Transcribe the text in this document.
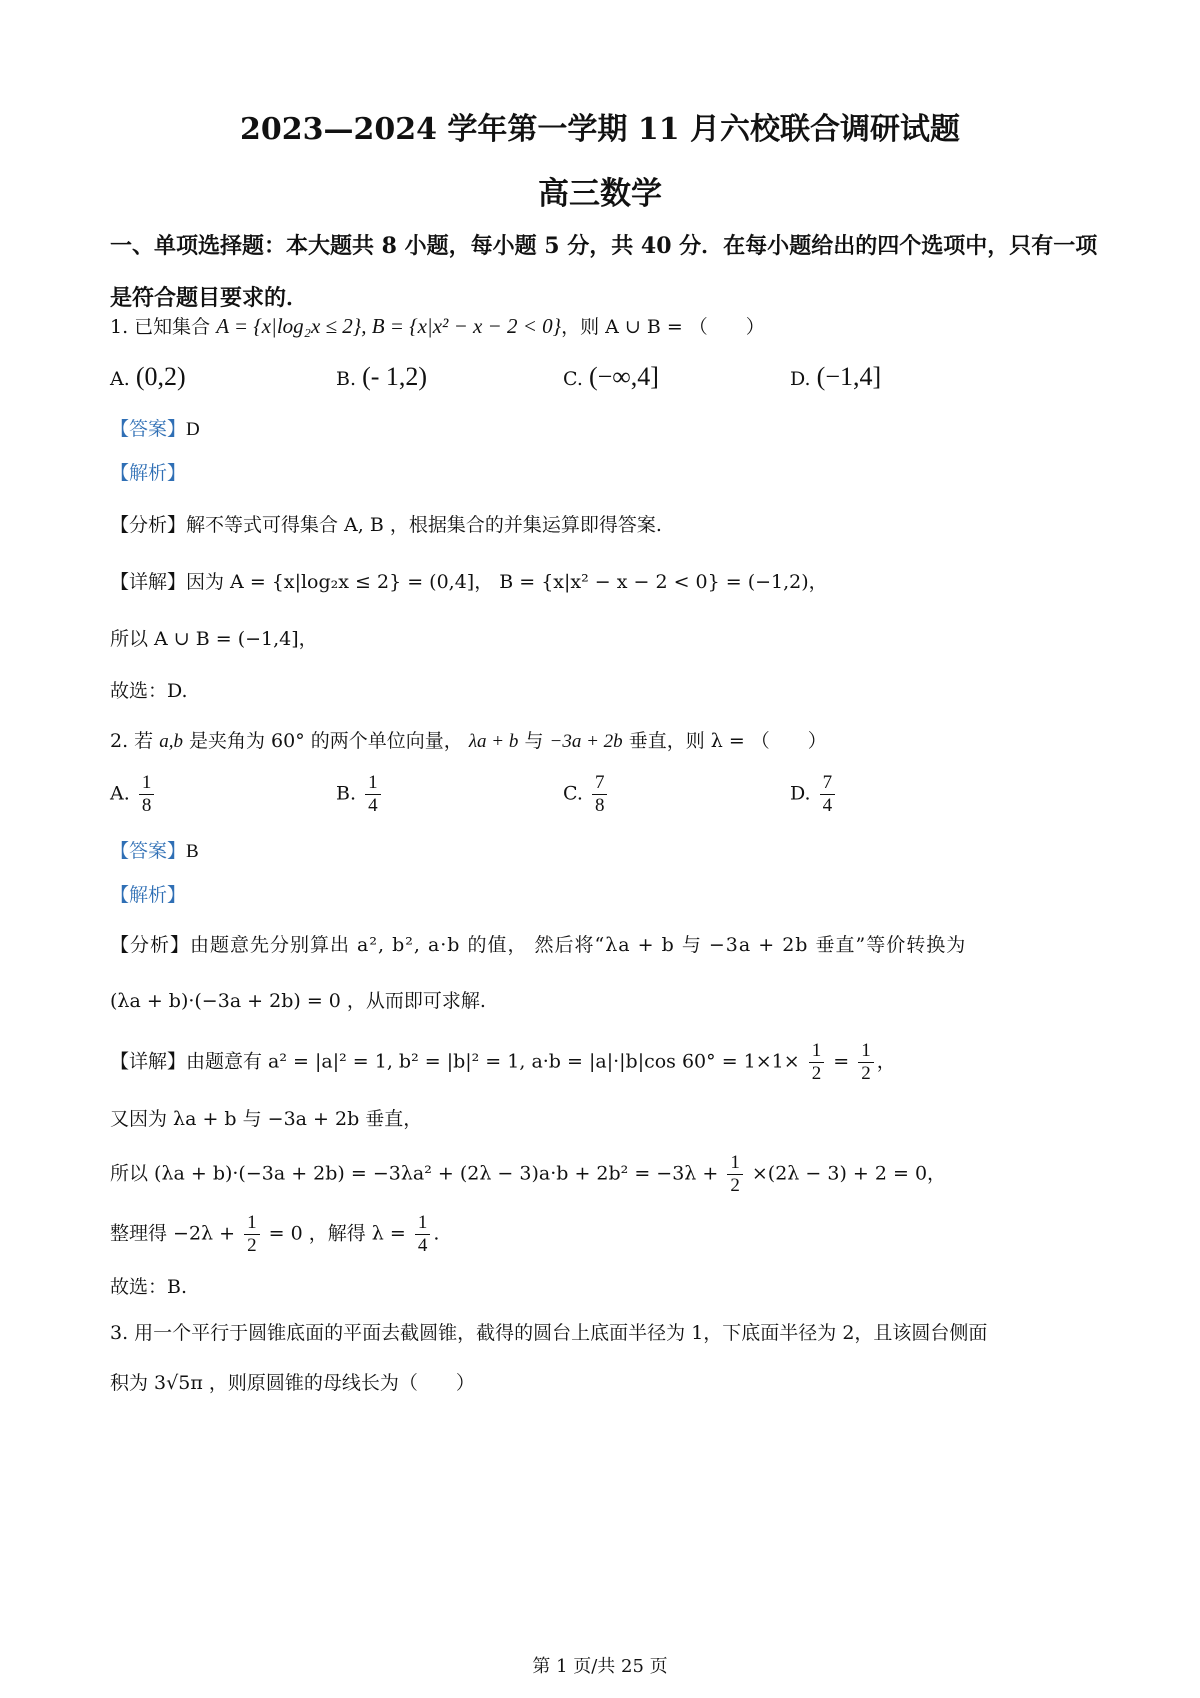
2023—2024 学年第一学期 11 月六校联合调研试题
高三数学
一、单项选择题：本大题共 8 小题，每小题 5 分，共 40 分．在每小题给出的四个选项中，只有一项是符合题目要求的．
1. 已知集合 A = {x|log₂x ≤ 2}, B = {x|x² − x − 2 < 0}，则 A ∪ B = （　　）
A. (0,2)	B. (- 1,2)	C. (−∞,4]	D. (−1,4]
【答案】D
【解析】
【分析】解不等式可得集合 A, B ，根据集合的并集运算即得答案.
【详解】因为 A = {x|log₂x ≤ 2} = (0,4]， B = {x|x² − x − 2 < 0} = (−1,2)，
所以 A ∪ B = (−1,4]，
故选：D.
2. 若 a,b 是夹角为 60° 的两个单位向量， λa + b 与 −3a + 2b 垂直，则 λ = （　　）
A. $\frac{1}{8}$	B. $\frac{1}{4}$	C. $\frac{7}{8}$	D. $\frac{7}{4}$
【答案】B
【解析】
【分析】由题意先分别算出 a², b², a·b 的值， 然后将“λa + b 与 −3a + 2b 垂直”等价转换为
(λa + b)·(−3a + 2b) = 0 ，从而即可求解.
【详解】由题意有 a² = |a|² = 1, b² = |b|² = 1, a·b = |a|·|b|cos $60^\circ = 1\times 1\times \frac{1}{2} = \frac{1}{2}$ ，
又因为 λa + b 与 −3a + 2b 垂直，
所以 $(\lambda a + b)\cdot(-3a + 2b) = -3\lambda a^2 + (2\lambda - 3)a\cdot b + 2b^2 = -3\lambda + \frac{1}{2} \times(2\lambda - 3) + 2 = 0$，
整理得 $-2\lambda + \frac{1}{2} = 0$ ，解得 $\lambda = \frac{1}{4}$ .
故选：B.
3. 用一个平行于圆锥底面的平面去截圆锥，截得的圆台上底面半径为 1，下底面半径为 2，且该圆台侧面
积为 3√5π ，则原圆锥的母线长为（　　）
第 1 页/共 25 页
